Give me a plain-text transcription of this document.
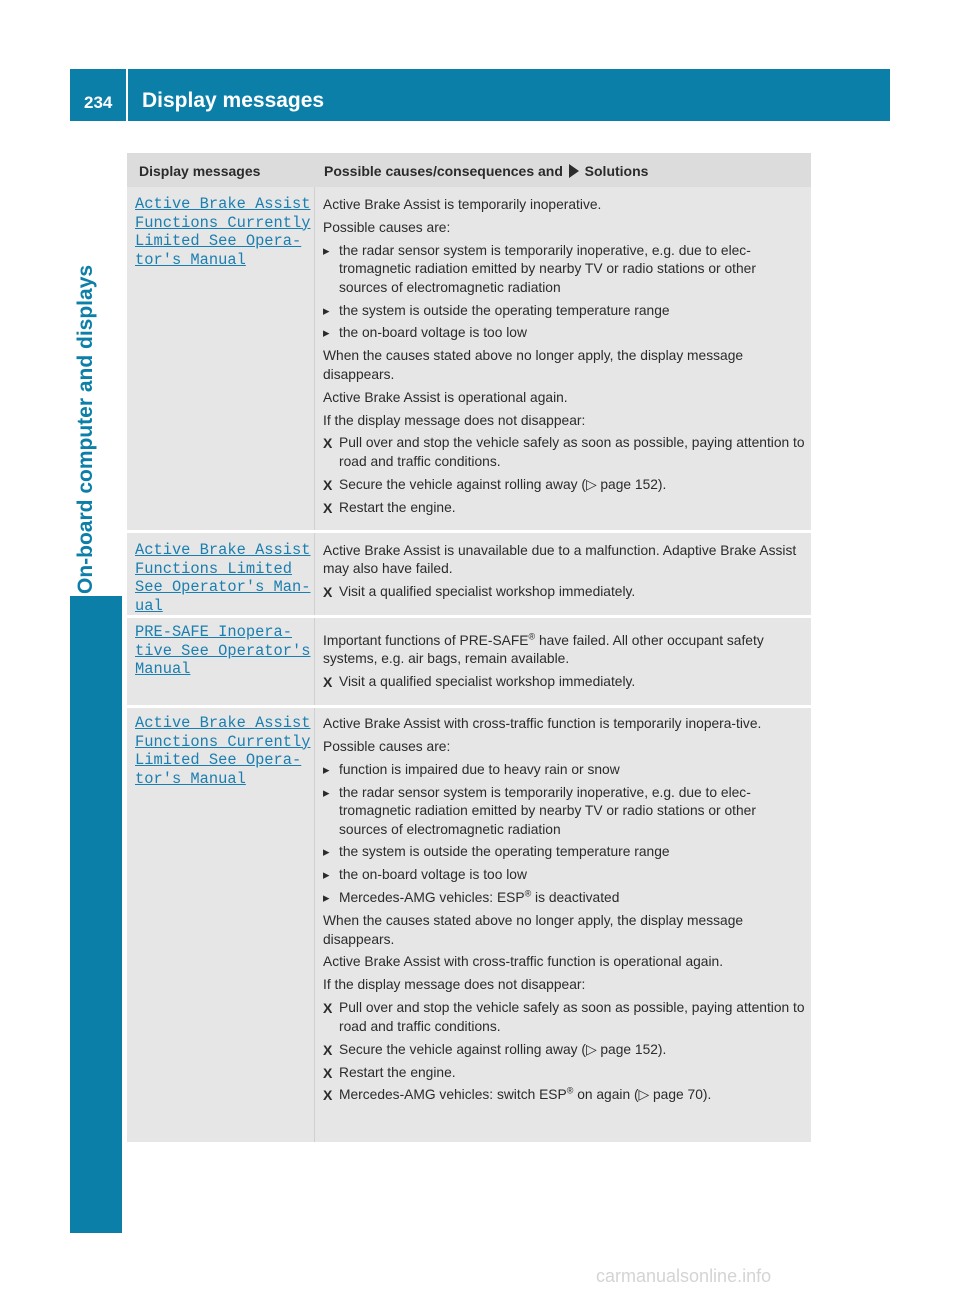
234 Display messages
On-board computer and displays
Display messages	Possible causes/consequences and Solutions
Active Brake Assist
Functions Currently
Limited See Opera‐
tor's Manual

Active Brake Assist is temporarily inoperative.

Possible causes are:

▸ the radar sensor system is temporarily inoperative, e.g. due to elec-tromagnetic radiation emitted by nearby TV or radio stations or other sources of electromagnetic radiation
▸ the system is outside the operating temperature range
▸ the on-board voltage is too low

When the causes stated above no longer apply, the display message disappears.

Active Brake Assist is operational again.

If the display message does not disappear:

X Pull over and stop the vehicle safely as soon as possible, paying attention to road and traffic conditions.
X Secure the vehicle against rolling away (▷ page 152).
X Restart the engine.
Active Brake Assist
Functions Limited
See Operator's Man‐
ual

Active Brake Assist is unavailable due to a malfunction. Adaptive Brake Assist may also have failed.

X Visit a qualified specialist workshop immediately.
PRE-SAFE Inopera‐
tive See Operator's
Manual

Important functions of PRE-SAFE® have failed. All other occupant safety systems, e.g. air bags, remain available.

X Visit a qualified specialist workshop immediately.
Active Brake Assist
Functions Currently
Limited See Opera‐
tor's Manual

Active Brake Assist with cross-traffic function is temporarily inopera-tive.

Possible causes are:

▸ function is impaired due to heavy rain or snow
▸ the radar sensor system is temporarily inoperative, e.g. due to elec-tromagnetic radiation emitted by nearby TV or radio stations or other sources of electromagnetic radiation
▸ the system is outside the operating temperature range
▸ the on-board voltage is too low
▸ Mercedes-AMG vehicles: ESP® is deactivated

When the causes stated above no longer apply, the display message disappears.

Active Brake Assist with cross-traffic function is operational again.

If the display message does not disappear:

X Pull over and stop the vehicle safely as soon as possible, paying attention to road and traffic conditions.
X Secure the vehicle against rolling away (▷ page 152).
X Restart the engine.
X Mercedes-AMG vehicles: switch ESP® on again (▷ page 70).
carmanualsonline.info
